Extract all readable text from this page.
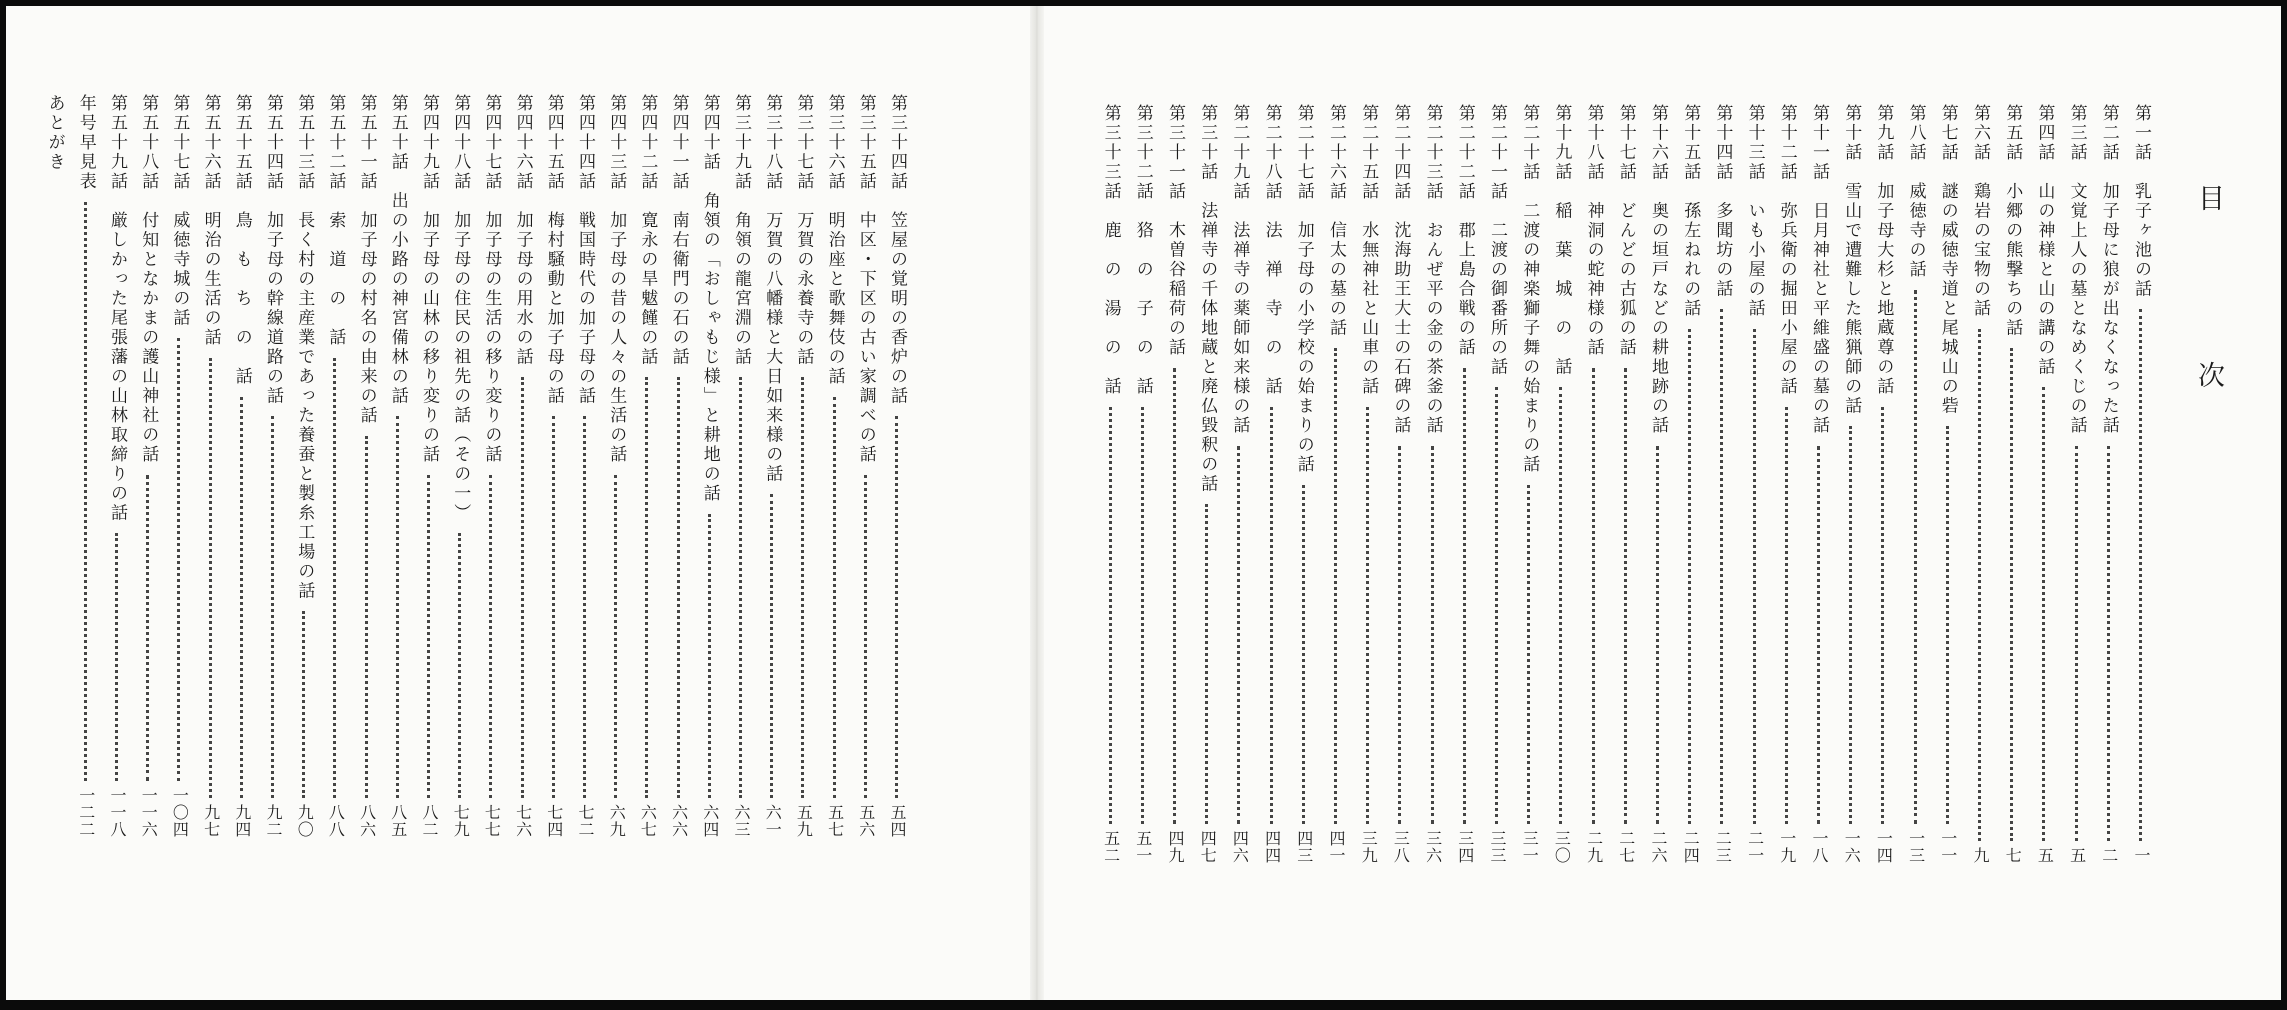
第三十四話　笠屋の覚明の香炉の話
五四
第三十五話　中区・下区の古い家調べの話
五六
第三十六話　明治座と歌舞伎の話
五七
第三十七話　万賀の永養寺の話
五九
第三十八話　万賀の八幡様と大日如来様の話
六一
第三十九話　角領の龍宮淵の話
六三
第四十話　角領の「おしゃもじ様」と耕地の話
六四
第四十一話　南右衛門の石の話
六六
第四十二話　寛永の旱魃饉の話
六七
第四十三話　加子母の昔の人々の生活の話
六九
第四十四話　戦国時代の加子母の話
七二
第四十五話　梅村騒動と加子母の話
七四
第四十六話　加子母の用水の話
七六
第四十七話　加子母の生活の移り変りの話
七七
第四十八話　加子母の住民の祖先の話（その一）
七九
第四十九話　加子母の山林の移り変りの話
八二
第五十話　出の小路の神宮備林の話
八五
第五十一話　加子母の村名の由来の話
八六
第五十二話　索　道　の　話
八八
第五十三話　長く村の主産業であった養蚕と製糸工場の話
九〇
第五十四話　加子母の幹線道路の話
九二
第五十五話　鳥　も　ち　の　話
九四
第五十六話　明治の生活の話
九七
第五十七話　威徳寺城の話
一〇四
第五十八話　付知となかまの護山神社の話
一一六
第五十九話　厳しかった尾張藩の山林取締りの話
一一八
年号早見表
一二二
あとがき
目次
第一話　乳子ヶ池の話
一
第二話　加子母に狼が出なくなった話
二
第三話　文覚上人の墓となめくじの話
五
第四話　山の神様と山の講の話
五
第五話　小郷の熊撃ちの話
七
第六話　鶏岩の宝物の話
九
第七話　謎の威徳寺道と尾城山の砦
一一
第八話　威徳寺の話
一三
第九話　加子母大杉と地蔵尊の話
一四
第十話　雪山で遭難した熊猟師の話
一六
第十一話　日月神社と平維盛の墓の話
一八
第十二話　弥兵衛の掘田小屋の話
一九
第十三話　いも小屋の話
二一
第十四話　多聞坊の話
二三
第十五話　孫左ねれの話
二四
第十六話　奥の垣戸などの耕地跡の話
二六
第十七話　どんどの古狐の話
二七
第十八話　神洞の蛇神様の話
二九
第十九話　稲　葉　城　の　話
三〇
第二十話　二渡の神楽獅子舞の始まりの話
三一
第二十一話　二渡の御番所の話
三三
第二十二話　郡上島合戦の話
三四
第二十三話　おんぜ平の金の茶釜の話
三六
第二十四話　沈海助王大士の石碑の話
三八
第二十五話　水無神社と山車の話
三九
第二十六話　信太の墓の話
四一
第二十七話　加子母の小学校の始まりの話
四三
第二十八話　法　禅　寺　の　話
四四
第二十九話　法禅寺の薬師如来様の話
四六
第三十話　法禅寺の千体地蔵と廃仏毀釈の話
四七
第三十一話　木曽谷稲荷の話
四九
第三十二話　狢　の　子　の　話
五一
第三十三話　鹿　の　湯　の　話
五二
